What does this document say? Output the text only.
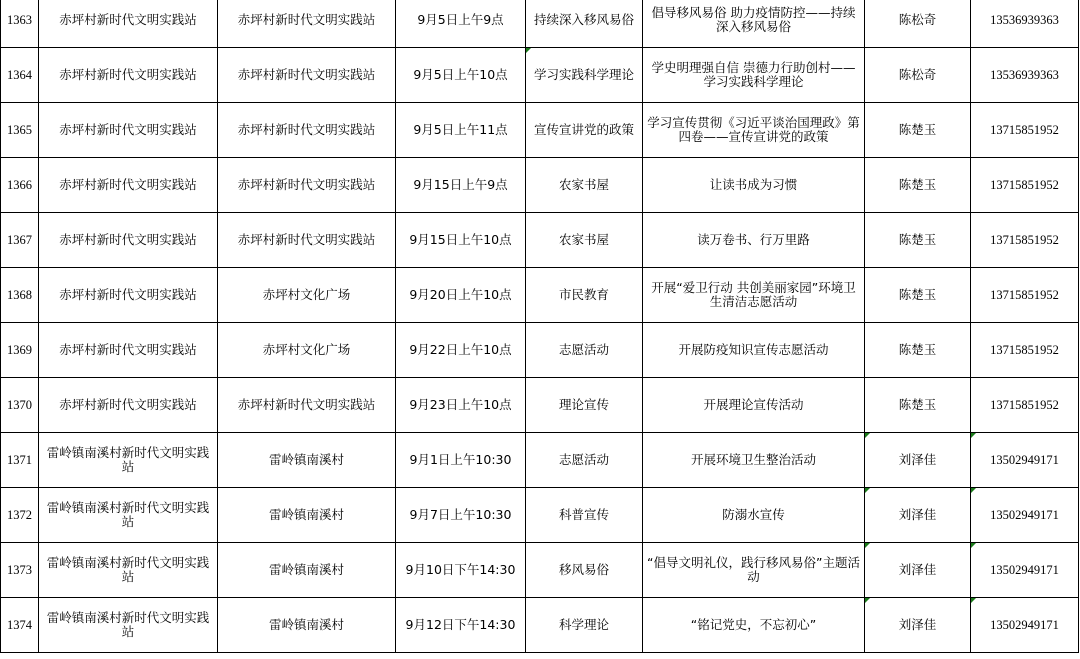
1363	赤坪村新时代文明实践站	赤坪村新时代文明实践站	9月5日上午9点	持续深入移风易俗	倡导移风易俗 助力疫情防控——持续深入移风易俗	陈松奇	13536939363
1364	赤坪村新时代文明实践站	赤坪村新时代文明实践站	9月5日上午10点	学习实践科学理论	学史明理强自信 崇德力行助创村——学习实践科学理论	陈松奇	13536939363
1365	赤坪村新时代文明实践站	赤坪村新时代文明实践站	9月5日上午11点	宣传宣讲党的政策	学习宣传贯彻《习近平谈治国理政》第四卷——宣传宣讲党的政策	陈楚玉	13715851952
1366	赤坪村新时代文明实践站	赤坪村新时代文明实践站	9月15日上午9点	农家书屋	让读书成为习惯	陈楚玉	13715851952
1367	赤坪村新时代文明实践站	赤坪村新时代文明实践站	9月15日上午10点	农家书屋	读万卷书、行万里路	陈楚玉	13715851952
1368	赤坪村新时代文明实践站	赤坪村文化广场	9月20日上午10点	市民教育	开展“爱卫行动 共创美丽家园”环境卫生清洁志愿活动	陈楚玉	13715851952
1369	赤坪村新时代文明实践站	赤坪村文化广场	9月22日上午10点	志愿活动	开展防疫知识宣传志愿活动	陈楚玉	13715851952
1370	赤坪村新时代文明实践站	赤坪村新时代文明实践站	9月23日上午10点	理论宣传	开展理论宣传活动	陈楚玉	13715851952
1371	雷岭镇南溪村新时代文明实践站	雷岭镇南溪村	9月1日上午10:30	志愿活动	开展环境卫生整治活动	刘泽佳	13502949171
1372	雷岭镇南溪村新时代文明实践站	雷岭镇南溪村	9月7日上午10:30	科普宣传	防溺水宣传	刘泽佳	13502949171
1373	雷岭镇南溪村新时代文明实践站	雷岭镇南溪村	9月10日下午14:30	移风易俗	“倡导文明礼仪，践行移风易俗”主题活动	刘泽佳	13502949171
1374	雷岭镇南溪村新时代文明实践站	雷岭镇南溪村	9月12日下午14:30	科学理论	“铭记党史，不忘初心”	刘泽佳	13502949171
